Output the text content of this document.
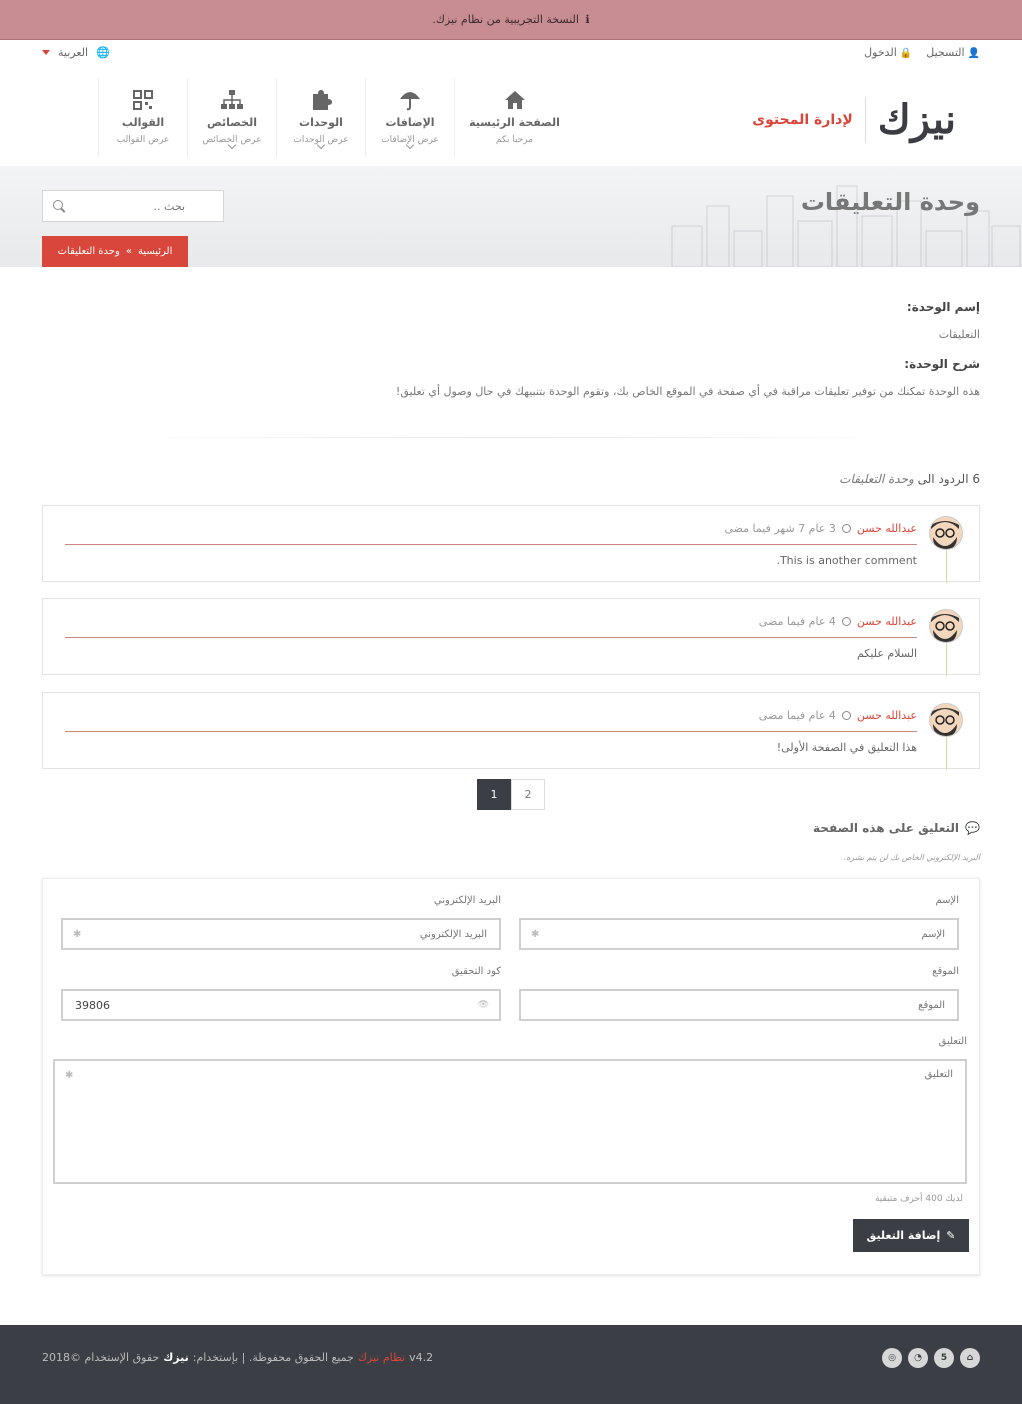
ℹ النسخة التجريبية من نظام نيزك.
👤التسجيل
🔒الدخول
🌐
العربية
نيزك
لإدارة المحتوى
الصفحة الرئيسية
مرحبا بكم
الإضافات
عرض الإضافات
الوحدات
عرض الوحدات
الخصائص
عرض الخصائص
القوالب
عرض القوالب
وحدة التعليقات
بحث ..
الرئيسية
»
وحدة التعليقات
إسم الوحدة:

التعليقات

شرح الوحدة:

هذه الوحدة تمكنك من توفير تعليقات مراقبة في أي صفحة في الموقع الخاص بك، وتقوم الوحدة بتنبيهك في حال وصول أي تعليق!

6 الردود الى وحدة التعليقات
عبدالله حسن
3 عام 7 شهر فيما مضى
This is another comment.
عبدالله حسن
4 عام فيما مضى
السلام عليكم
عبدالله حسن
4 عام فيما مضى
هذا التعليق في الصفحة الأولى!
1	2
💬
التعليق على هذه الصفحة
البريد الإلكتروني الخاص بك لن يتم نشره.
الإسم
البريد الإلكتروني
الإسم
✱
البريد الإلكتروني
✱
الموقع
كود التحقيق
الموقع
39806
👁
التعليق
التعليق
✱
لديك 400 أحرف متبقية
✎
إضافة التعليق
حقوق الإستخدام ©2018 نيزك جميع الحقوق محفوظة. | بإستخدام: نظام نيزك v4.2	⌂
5
◔
◎
